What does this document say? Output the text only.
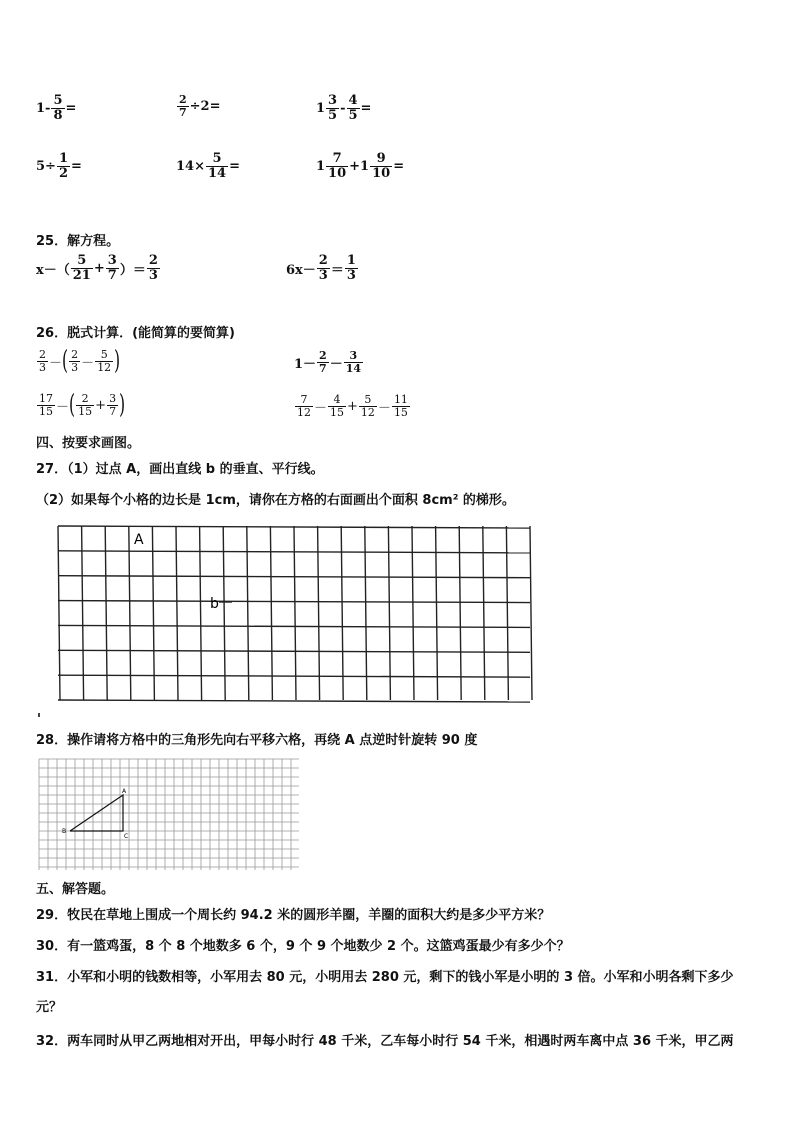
$1- \frac{5}{8}$ =	$\frac{2}{7} \div 2=$	$1 \frac{3}{5} - \frac{4}{5}$ =
$5\div \frac{1}{2}$ =	$14\times \frac{5}{14}$ =	$1 \frac{7}{10} +1 \frac{9}{10}$ =
25．解方程。
$x-( \frac{5}{21} + \frac{3}{7}$ ）＝ $\frac{2}{3}$	$6x- \frac{2}{3} = \frac{1}{3}$
26．脱式计算．(能简算的要简算)
$\frac{2}{3}$ － ( $\frac{2}{3} - \frac{5}{12}$ )	$1- \frac{2}{7} - \frac{3}{14}$
$\frac{17}{15}$ － ( $\frac{2}{15} + \frac{3}{7}$ )	$\frac{7}{12} - \frac{4}{15} + \frac{5}{12} - \frac{11}{15}$
四、按要求画图。
27．（1）过点 A，画出直线 b 的垂直、平行线。
（2）如果每个小格的边长是 1cm，请你在方格的右面画出个面积 8cm² 的梯形。
A
b
28．操作请将方格中的三角形先向右平移六格，再绕 A 点逆时针旋转 90 度
A
B
C
五、解答题。
29．牧民在草地上围成一个周长约 94.2 米的圆形羊圈，羊圈的面积大约是多少平方米？
30．有一篮鸡蛋，8 个 8 个地数多 6 个，9 个 9 个地数少 2 个。这篮鸡蛋最少有多少个？
31．小军和小明的钱数相等，小军用去 80 元，小明用去 280 元，剩下的钱小军是小明的 3 倍。小军和小明各剩下多少
元？
32．两车同时从甲乙两地相对开出，甲每小时行 48 千米，乙车每小时行 54 千米，相遇时两车离中点 36 千米，甲乙两
